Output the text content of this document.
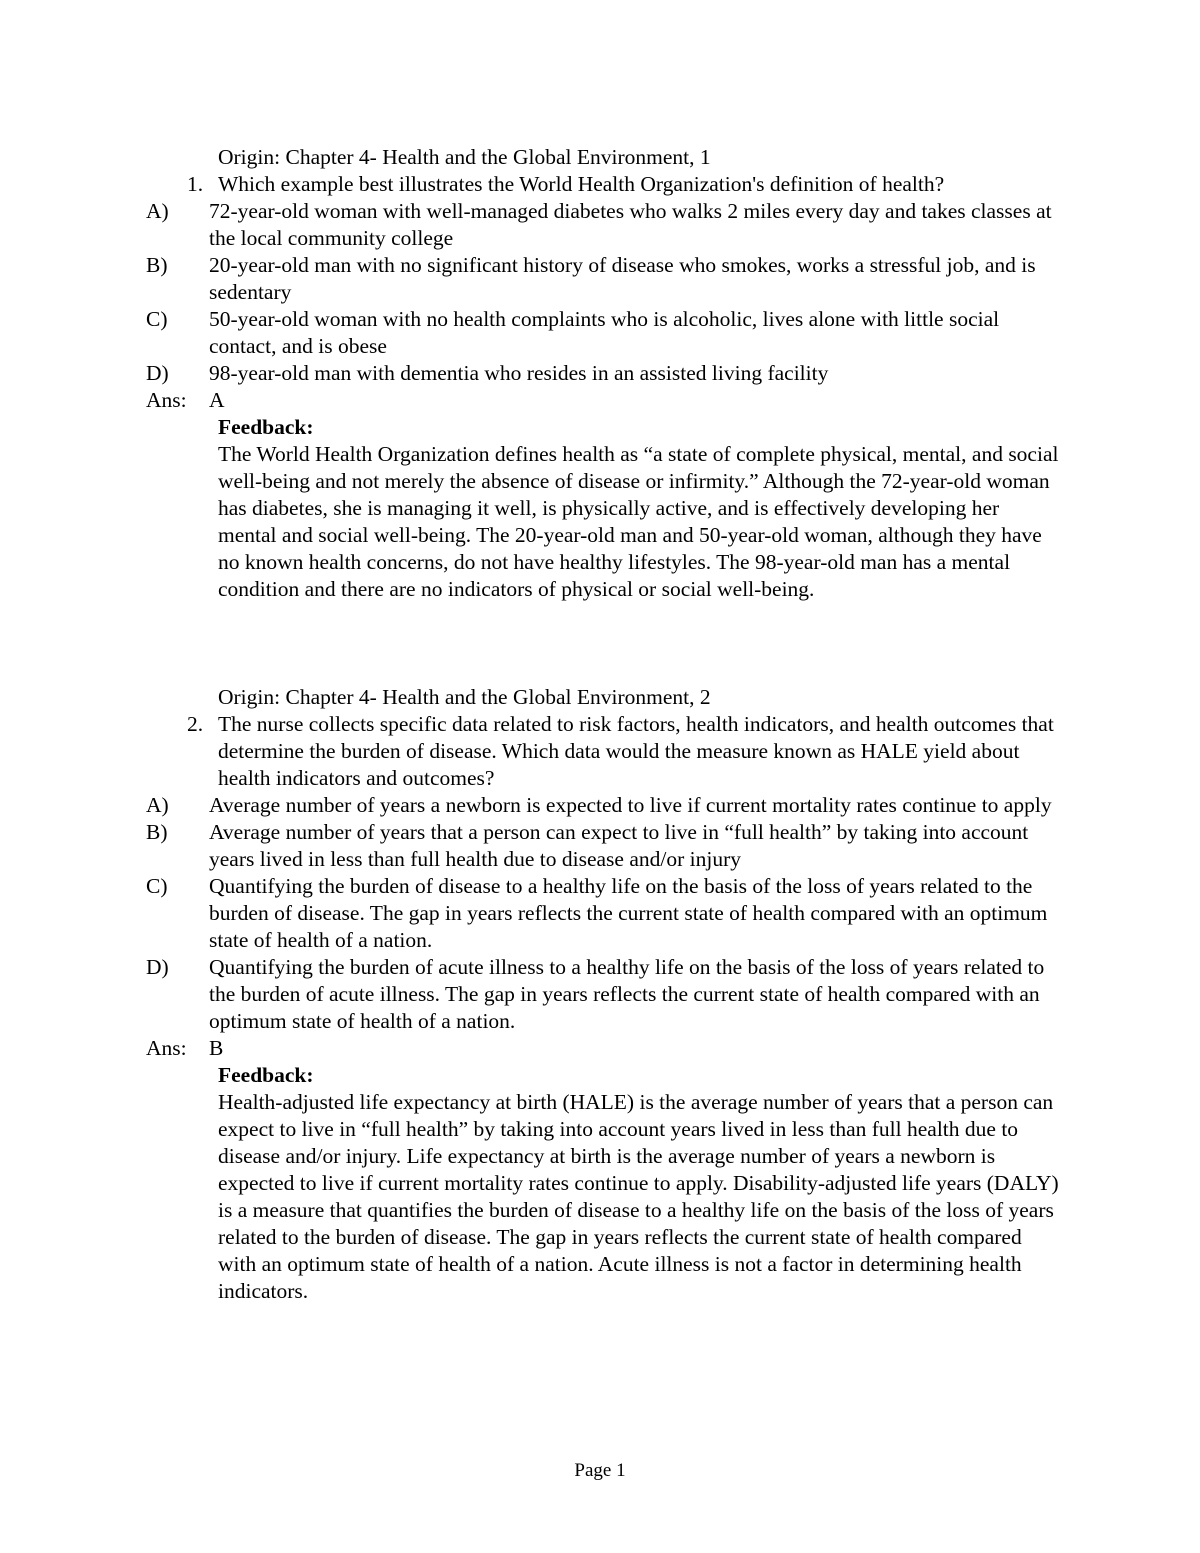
Origin: Chapter 4- Health and the Global Environment, 1
1. Which example best illustrates the World Health Organization's definition of health?
A) 72-year-old woman with well-managed diabetes who walks 2 miles every day and takes classes at the local community college
B) 20-year-old man with no significant history of disease who smokes, works a stressful job, and is sedentary
C) 50-year-old woman with no health complaints who is alcoholic, lives alone with little social contact, and is obese
D) 98-year-old man with dementia who resides in an assisted living facility
Ans: A
Feedback:
The World Health Organization defines health as “a state of complete physical, mental, and social well-being and not merely the absence of disease or infirmity.” Although the 72-year-old woman has diabetes, she is managing it well, is physically active, and is effectively developing her mental and social well-being. The 20-year-old man and 50-year-old woman, although they have no known health concerns, do not have healthy lifestyles. The 98-year-old man has a mental condition and there are no indicators of physical or social well-being.
Origin: Chapter 4- Health and the Global Environment, 2
2. The nurse collects specific data related to risk factors, health indicators, and health outcomes that determine the burden of disease. Which data would the measure known as HALE yield about health indicators and outcomes?
A) Average number of years a newborn is expected to live if current mortality rates continue to apply
B) Average number of years that a person can expect to live in “full health” by taking into account years lived in less than full health due to disease and/or injury
C) Quantifying the burden of disease to a healthy life on the basis of the loss of years related to the burden of disease. The gap in years reflects the current state of health compared with an optimum state of health of a nation.
D) Quantifying the burden of acute illness to a healthy life on the basis of the loss of years related to the burden of acute illness. The gap in years reflects the current state of health compared with an optimum state of health of a nation.
Ans: B
Feedback:
Health-adjusted life expectancy at birth (HALE) is the average number of years that a person can expect to live in “full health” by taking into account years lived in less than full health due to disease and/or injury. Life expectancy at birth is the average number of years a newborn is expected to live if current mortality rates continue to apply. Disability-adjusted life years (DALY) is a measure that quantifies the burden of disease to a healthy life on the basis of the loss of years related to the burden of disease. The gap in years reflects the current state of health compared with an optimum state of health of a nation. Acute illness is not a factor in determining health indicators.
Page 1
